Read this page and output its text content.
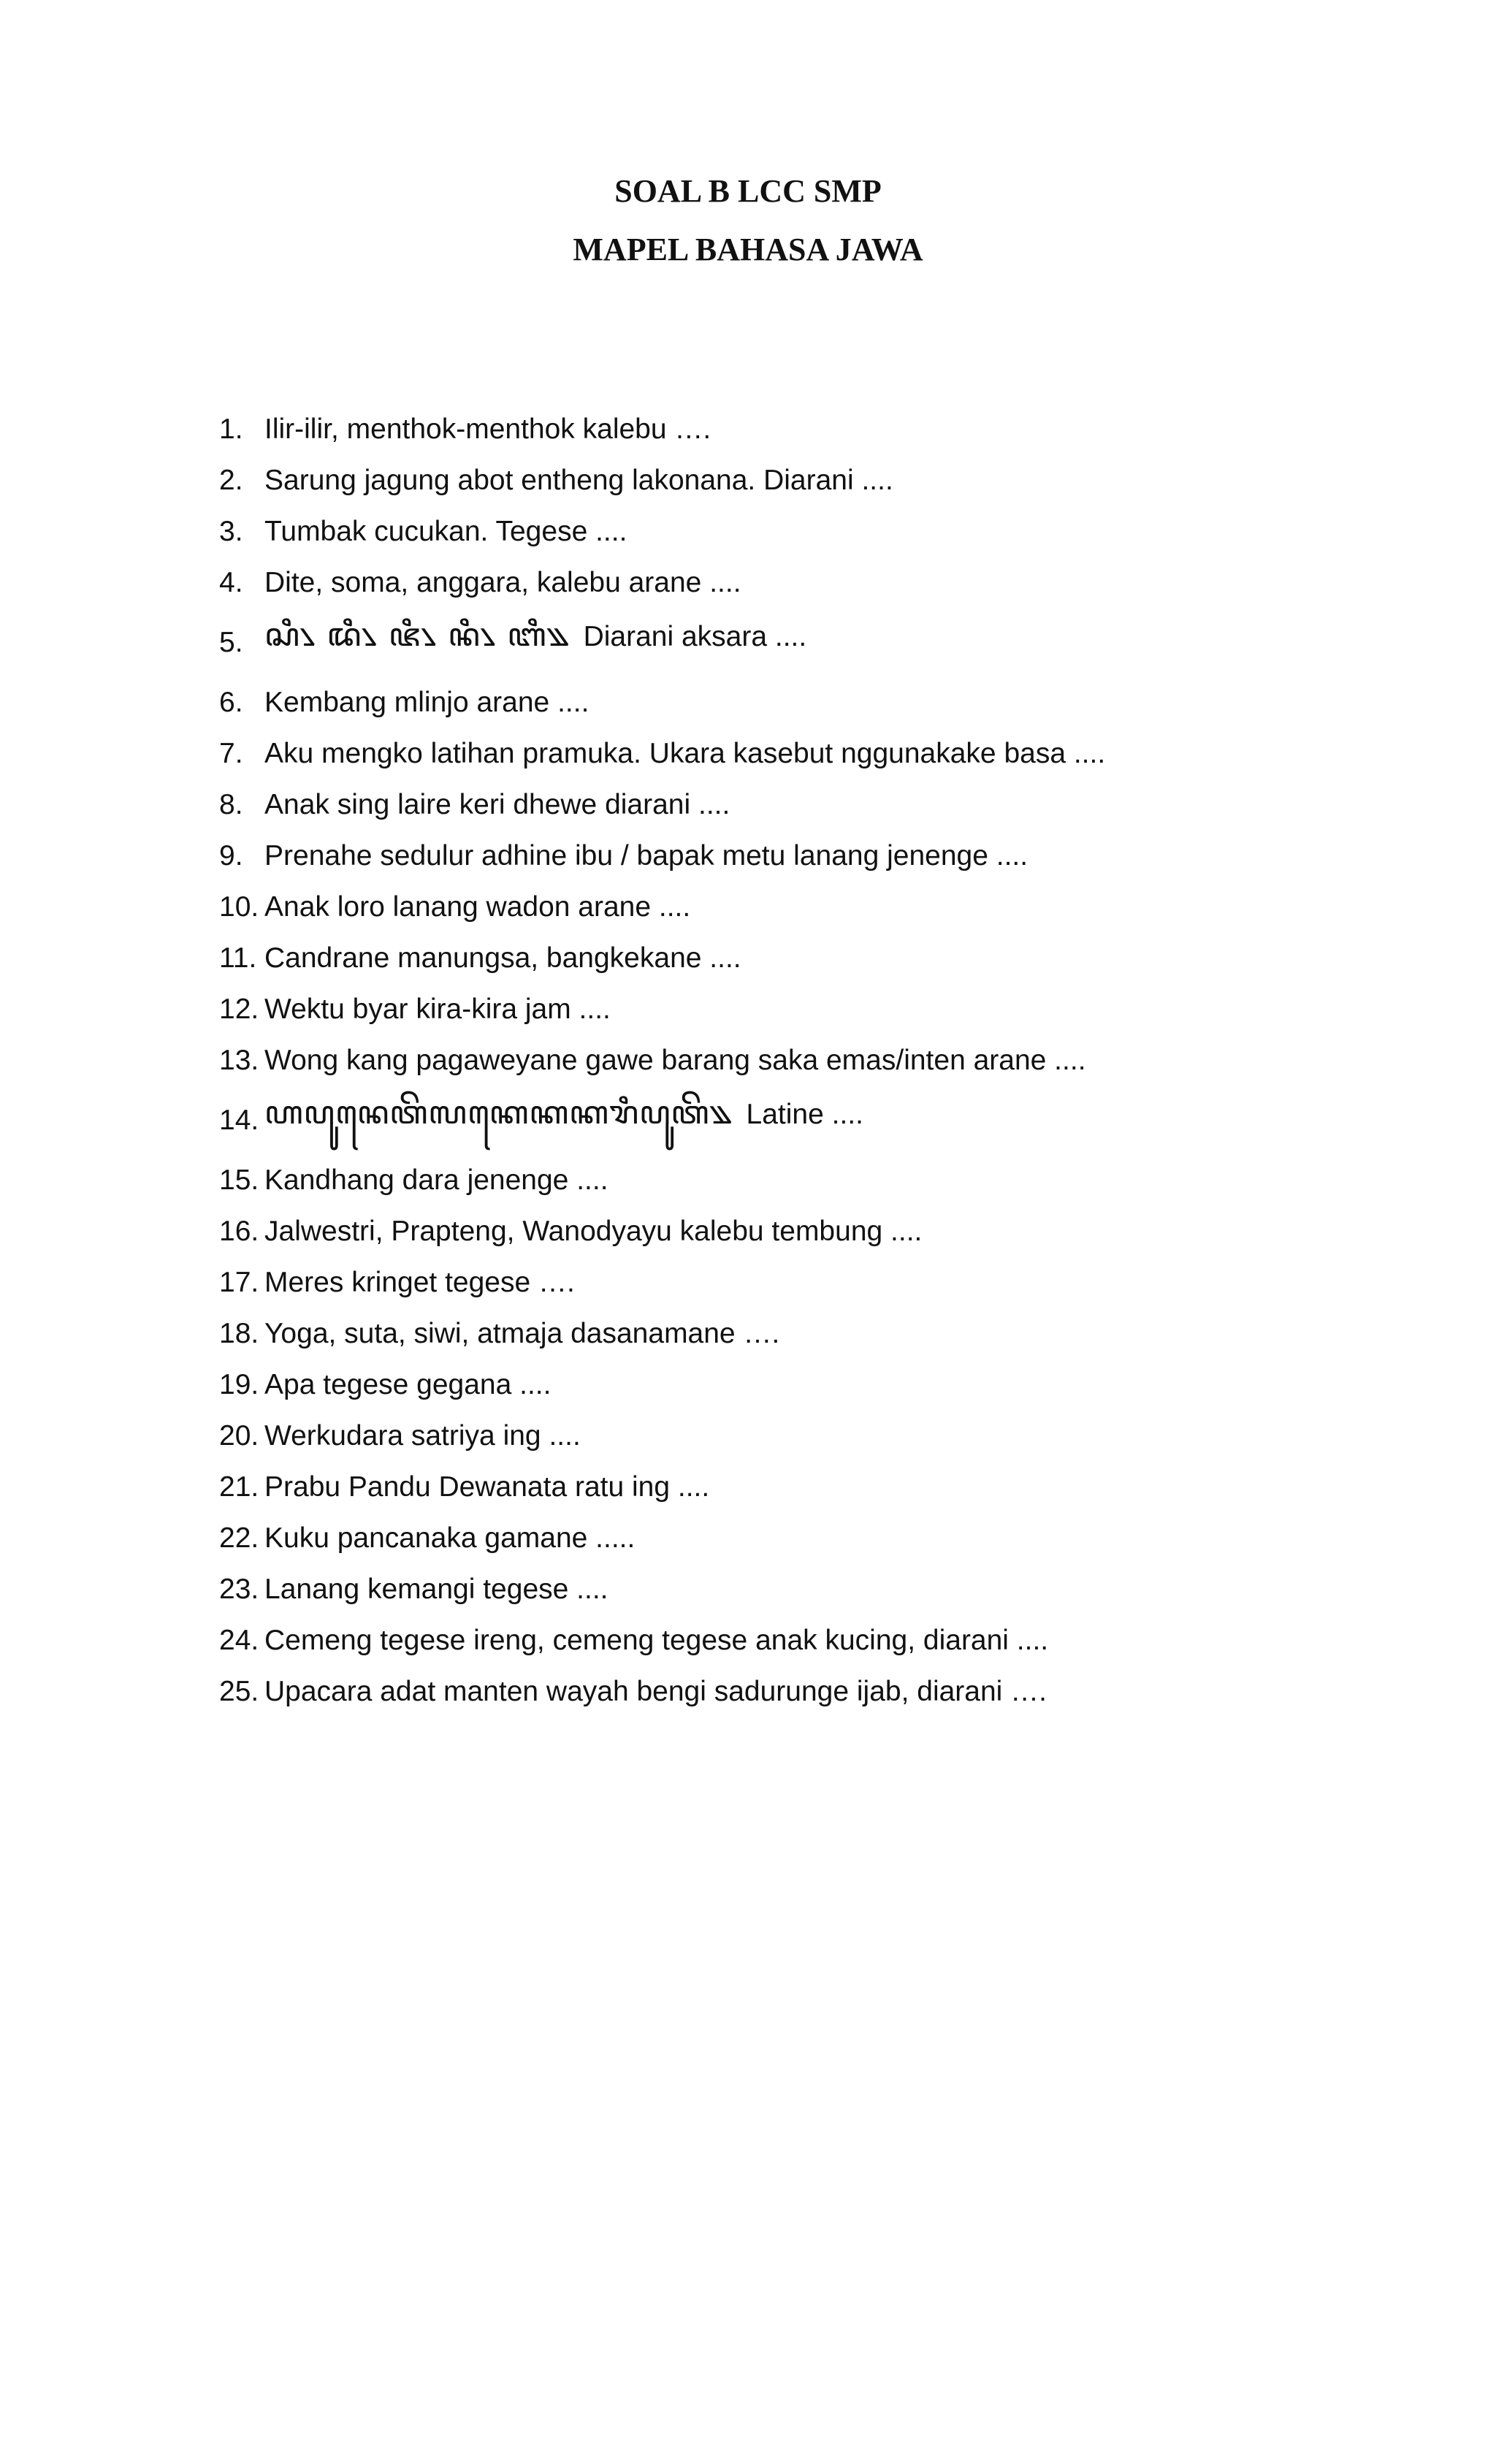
SOAL B LCC SMP

MAPEL BAHASA JAWA

1. Ilir-ilir, menthok-menthok kalebu ….
2. Sarung jagung abot entheng lakonana. Diarani ....
3. Tumbak cucukan. Tegese ....
4. Dite, soma, anggara, kalebu arane ....
5. ꦱꦶ꧈ ꦢꦶ꧈ ꦗꦶ꧈ ꦤꦶ꧈ ꦧꦶ꧉ Diarani aksara ....
6. Kembang mlinjo arane ....
7. Aku mengko latihan pramuka. Ukara kasebut nggunakake basa ....
8. Anak sing laire keri dhewe diarani ....
9. Prenahe sedulur adhine ibu / bapak metu lanang jenenge ....
10. Anak loro lanang wadon arane ....
11. Candrane manungsa, bangkekane ....
12. Wektu byar kira-kira jam ....
13. Wong kang pagaweyane gawe barang saka emas/inten arane ....
14. ꦲꦥꦸꦤꦺꦠꦼꦭꦏꦺꦏꦏꦫꦶꦥꦸꦠꦼ꧉ Latine ....
15. Kandhang dara jenenge ....
16. Jalwestri, Prapteng, Wanodyayu kalebu tembung ....
17. Meres kringet tegese ….
18. Yoga, suta, siwi, atmaja dasanamane ….
19. Apa tegese gegana ....
20. Werkudara satriya ing ....
21. Prabu Pandu Dewanata ratu ing ....
22. Kuku pancanaka gamane .....
23. Lanang kemangi tegese ....
24. Cemeng tegese ireng, cemeng tegese anak kucing, diarani ....
25. Upacara adat manten wayah bengi sadurunge ijab, diarani ….
